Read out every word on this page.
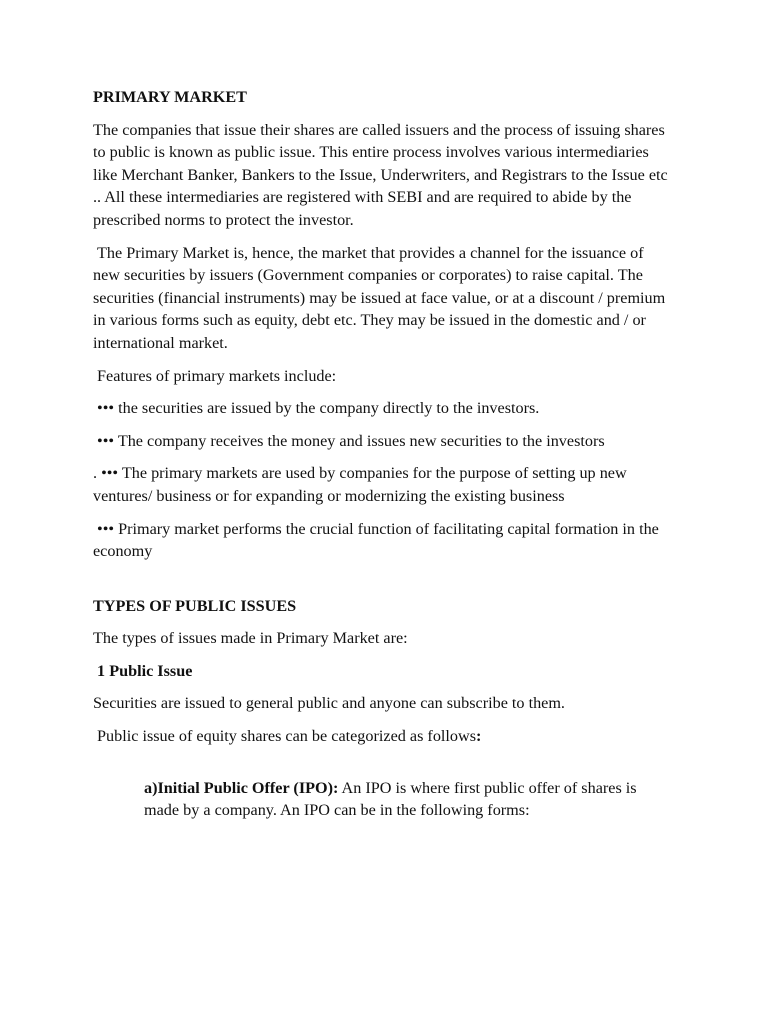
PRIMARY MARKET
The companies that issue their shares are called issuers and the process of issuing shares to public is known as public issue. This entire process involves various intermediaries like Merchant Banker, Bankers to the Issue, Underwriters, and Registrars to the Issue etc .. All these intermediaries are registered with SEBI and are required to abide by the prescribed norms to protect the investor.
The Primary Market is, hence, the market that provides a channel for the issuance of new securities by issuers (Government companies or corporates) to raise capital. The securities (financial instruments) may be issued at face value, or at a discount / premium in various forms such as equity, debt etc. They may be issued in the domestic and / or international market.
Features of primary markets include:
••• the securities are issued by the company directly to the investors.
••• The company receives the money and issues new securities to the investors
. ••• The primary markets are used by companies for the purpose of setting up new ventures/ business or for expanding or modernizing the existing business
••• Primary market performs the crucial function of facilitating capital formation in the economy
TYPES OF PUBLIC ISSUES
The types of issues made in Primary Market are:
1 Public Issue
Securities are issued to general public and anyone can subscribe to them.
Public issue of equity shares can be categorized as follows:
a)Initial Public Offer (IPO): An IPO is where first public offer of shares is made by a company. An IPO can be in the following forms:
